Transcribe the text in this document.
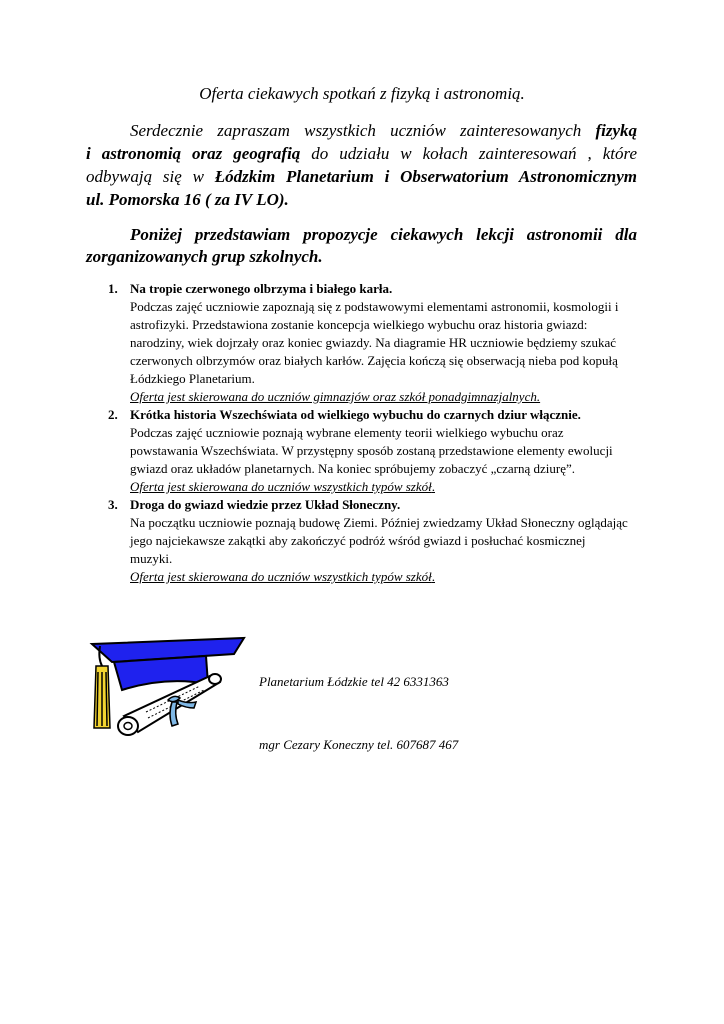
Oferta ciekawych spotkań z fizyką i astronomią.
Serdecznie zapraszam wszystkich uczniów zainteresowanych fizyką
i astronomią oraz geografią do udziału w kołach zainteresowań , które
odbywają się w Łódzkim Planetarium i Obserwatorium Astronomicznym
ul. Pomorska 16 ( za IV LO).
Poniżej przedstawiam propozycje ciekawych lekcji astronomii dla
zorganizowanych grup szkolnych.
1. Na tropie czerwonego olbrzyma i białego karła.
Podczas zajęć uczniowie zapoznają się z podstawowymi elementami astronomii, kosmologii i astrofizyki. Przedstawiona zostanie koncepcja wielkiego wybuchu oraz historia gwiazd: narodziny, wiek dojrzały oraz koniec gwiazdy. Na diagramie HR uczniowie będziemy szukać czerwonych olbrzymów oraz białych karłów. Zajęcia kończą się obserwacją nieba pod kopułą Łódzkiego Planetarium.
Oferta jest skierowana do uczniów gimnazjów oraz szkół ponadgimnazjalnych.
2. Krótka historia Wszechświata od wielkiego wybuchu do czarnych dziur włącznie.
Podczas zajęć uczniowie poznają wybrane elementy teorii wielkiego wybuchu oraz powstawania Wszechświata. W przystępny sposób zostaną przedstawione elementy ewolucji gwiazd oraz układów planetarnych. Na koniec spróbujemy zobaczyć „czarną dziurę”.
Oferta jest skierowana do uczniów wszystkich typów szkół.
3. Droga do gwiazd wiedzie przez Układ Słoneczny.
Na początku uczniowie poznają budowę Ziemi. Później zwiedzamy Układ Słoneczny oglądając jego najciekawsze zakątki aby zakończyć podróż wśród gwiazd i posłuchać kosmicznej muzyki.
Oferta jest skierowana do uczniów wszystkich typów szkół.
Planetarium Łódzkie tel 42 6331363
mgr Cezary Koneczny tel. 607687 467
